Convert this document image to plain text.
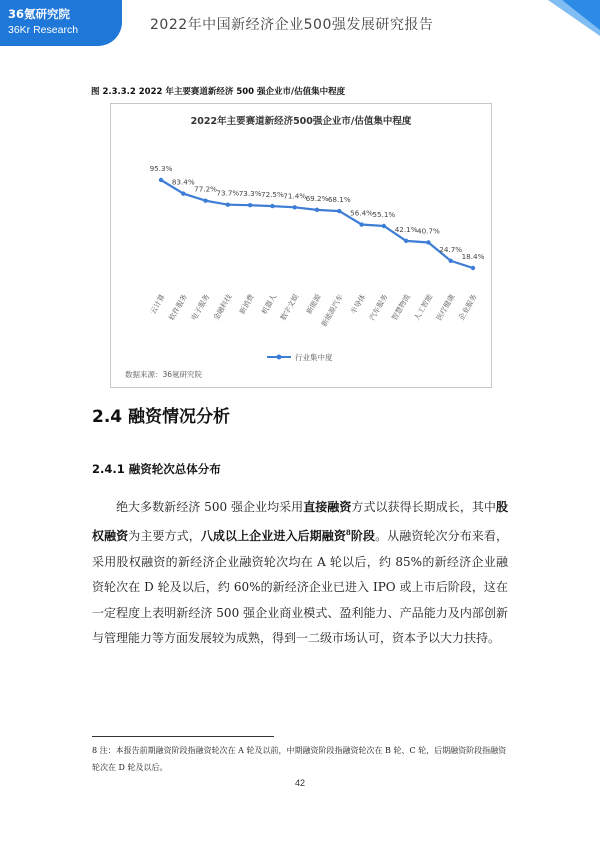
36氪研究院
36Kr Research	2022年中国新经济企业500强发展研究报告
图 2.3.3.2 2022 年主要赛道新经济 500 强企业市/估值集中程度
2022年主要赛道新经济500强企业市/估值集中程度
95.3%
83.4%
77.2% 73.7% 73.3% 72.5% 71.4% 69.2% 68.1%
56.4% 55.1%
42.1% 40.7%
24.7%
18.4%
云计算 软件服务 电子服务 金融科技 新消费 机器人 数字文娱 新能源
新能源汽车 半导体 汽车服务 智慧物流 人工智能 医疗健康 企业服务
行业集中度
数据来源：36氪研究院
2.4 融资情况分析
2.4.1 融资轮次总体分布

绝大多数新经济 500 强企业均采用直接融资方式以获得长期成长，其中股权融资为主要方式，八成以上企业进入后期融资$^8$阶段。从融资轮次分布来看，采用股权融资的新经济企业融资轮次均在 A 轮以后，约 85%的新经济企业融资轮次在 D 轮及以后，约 60%的新经济企业已进入 IPO 或上市后阶段，这在一定程度上表明新经济 500 强企业商业模式、盈利能力、产品能力及内部创新与管理能力等方面发展较为成熟，得到一二级市场认可，资本予以大力扶持。

8 注：本报告前期融资阶段指融资轮次在 A 轮及以前，中期融资阶段指融资轮次在 B 轮、C 轮，后期融资阶段指融资轮次在 D 轮及以后。
42
